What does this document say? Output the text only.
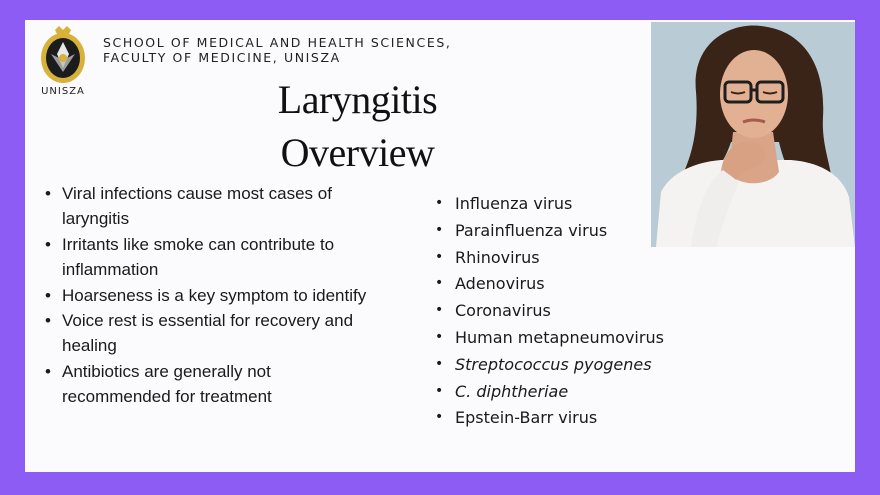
UNISZA
SCHOOL OF MEDICAL AND HEALTH SCIENCES,
FACULTY OF MEDICINE, UNISZA
Laryngitis
Overview
• Viral infections cause most cases of laryngitis
• Irritants like smoke can contribute to inflammation
• Hoarseness is a key symptom to identify
• Voice rest is essential for recovery and healing
• Antibiotics are generally not recommended for treatment
• Influenza virus
• Parainfluenza virus
• Rhinovirus
• Adenovirus
• Coronavirus
• Human metapneumovirus
• Streptococcus pyogenes
• C. diphtheriae
• Epstein-Barr virus
